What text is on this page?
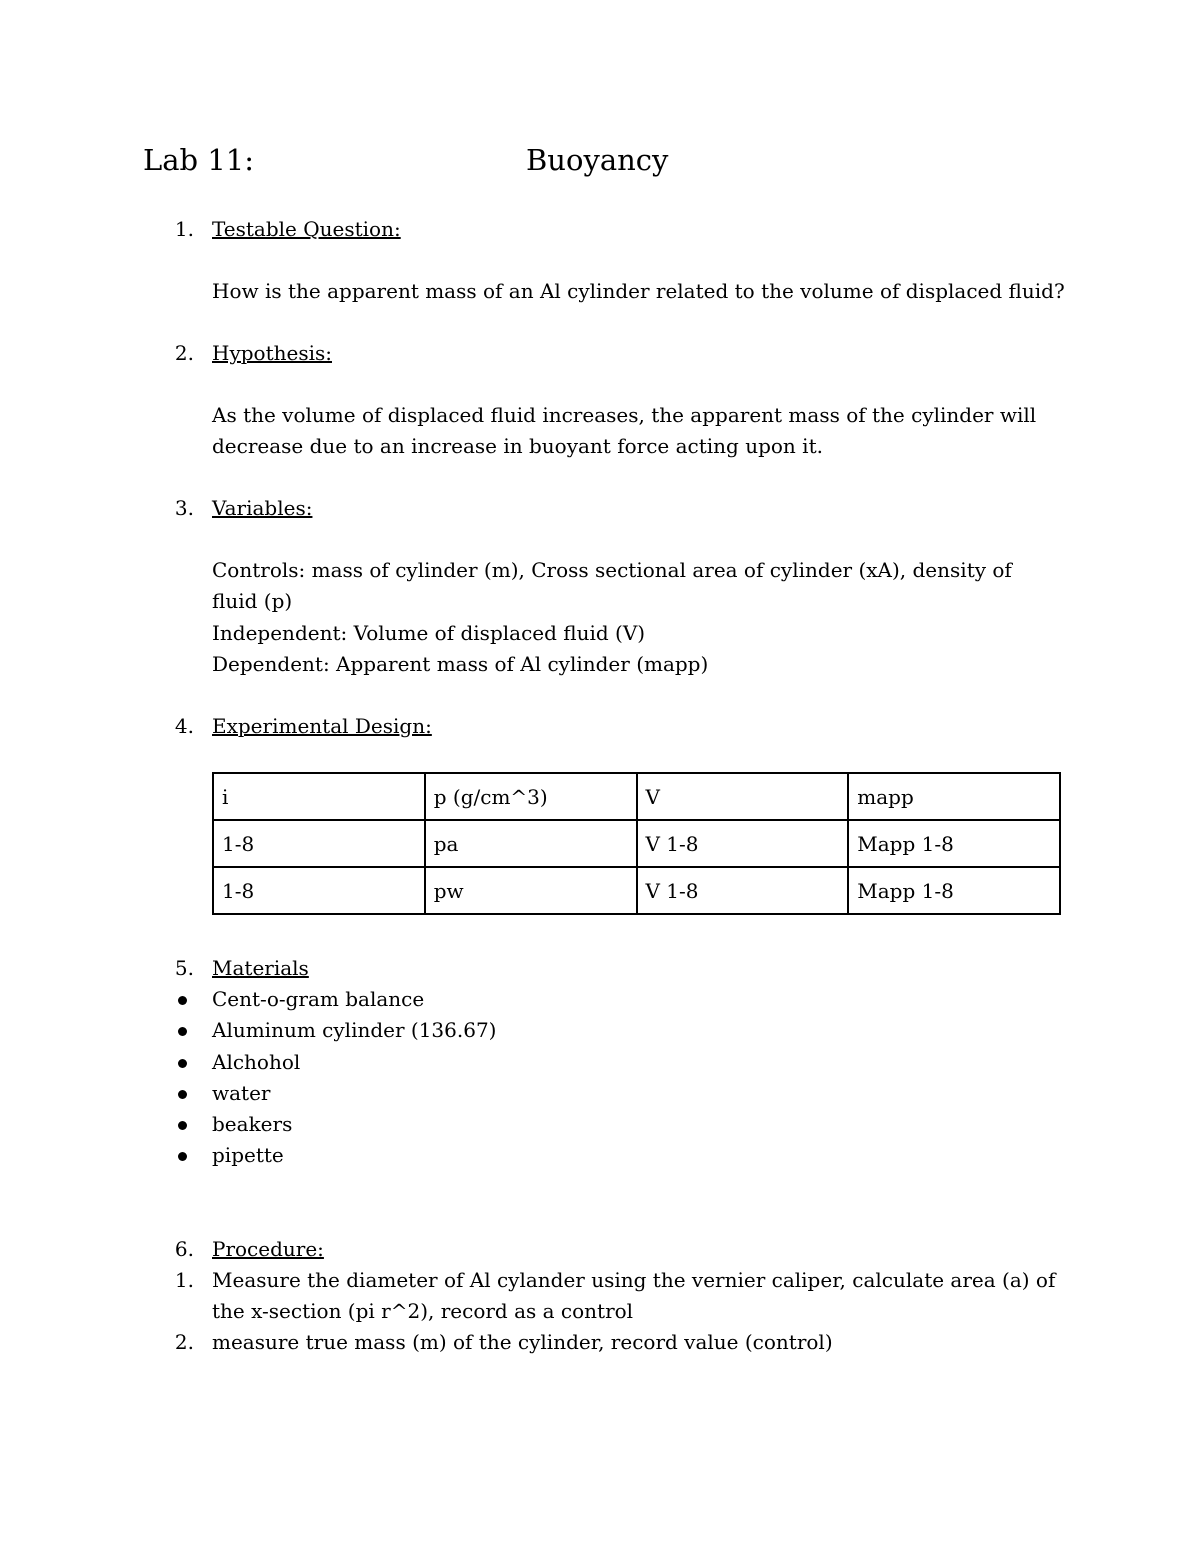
Lab 11:	Buoyancy
1. Testable Question:
How is the apparent mass of an Al cylinder related to the volume of displaced fluid?
2. Hypothesis:
As the volume of displaced fluid increases, the apparent mass of the cylinder will
decrease due to an increase in buoyant force acting upon it.
3. Variables:
Controls: mass of cylinder (m), Cross sectional area of cylinder (xA), density of
fluid (p)
Independent: Volume of displaced fluid (V)
Dependent: Apparent mass of Al cylinder (mapp)
4. Experimental Design:
i	p (g/cm^3)	V	mapp
1-8	pa	V 1-8	Mapp 1-8
1-8	pw	V 1-8	Mapp 1-8
5. Materials
Cent-o-gram balance
Aluminum cylinder (136.67)
Alchohol
water
beakers
pipette
6. Procedure:
1. Measure the diameter of Al cylander using the vernier caliper, calculate area (a) of
the x-section (pi r^2), record as a control
2. measure true mass (m) of the cylinder, record value (control)
